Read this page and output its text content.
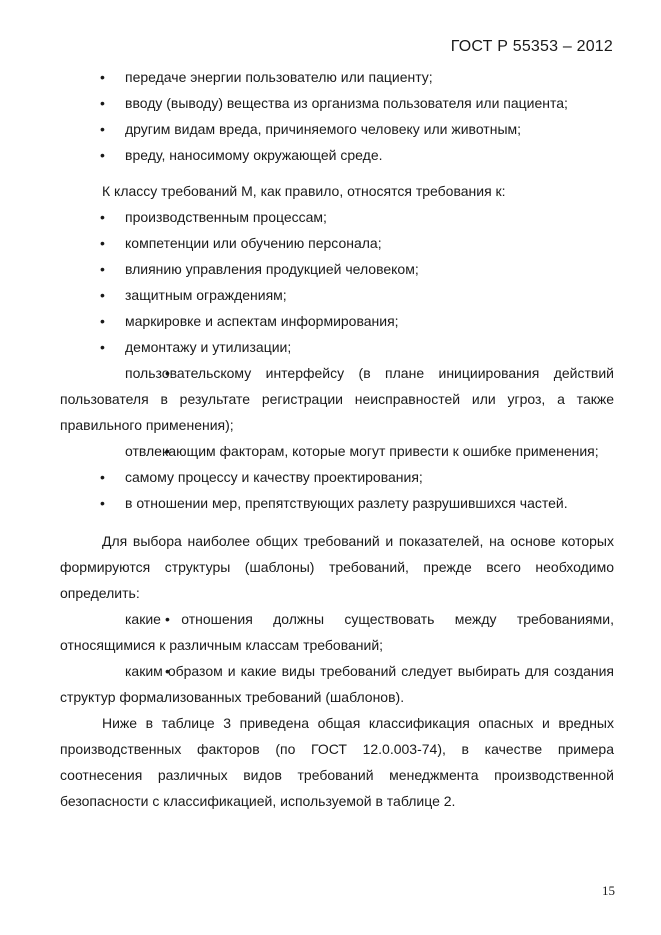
ГОСТ Р 55353 – 2012

• передаче энергии пользователю или пациенту;

• вводу (выводу) вещества из организма пользователя или пациента;

• другим видам вреда, причиняемого человеку или животным;

• вреду, наносимому окружающей среде.

К классу требований М, как правило, относятся требования к:

• производственным процессам;

• компетенции или обучению персонала;

• влиянию управления продукцией человеком;

• защитным ограждениям;

• маркировке и аспектам информирования;

• демонтажу и утилизации;

• пользовательскому интерфейсу (в плане инициирования действий пользователя в результате регистрации неисправностей или угроз, а также правильного применения);

• отвлекающим факторам, которые могут привести к ошибке применения;

• самому процессу и качеству проектирования;

• в отношении мер, препятствующих разлету разрушившихся частей.

Для выбора наиболее общих требований и показателей, на основе которых формируются структуры (шаблоны) требований, прежде всего необходимо определить:

• какие отношения должны существовать между требованиями, относящимися к различным классам требований;

• каким образом и какие виды требований следует выбирать для создания структур формализованных требований (шаблонов).

Ниже в таблице 3 приведена общая классификация опасных и вредных производственных факторов (по ГОСТ 12.0.003-74), в качестве примера соотнесения различных видов требований менеджмента производственной безопасности с классификацией, используемой в таблице 2.

15
